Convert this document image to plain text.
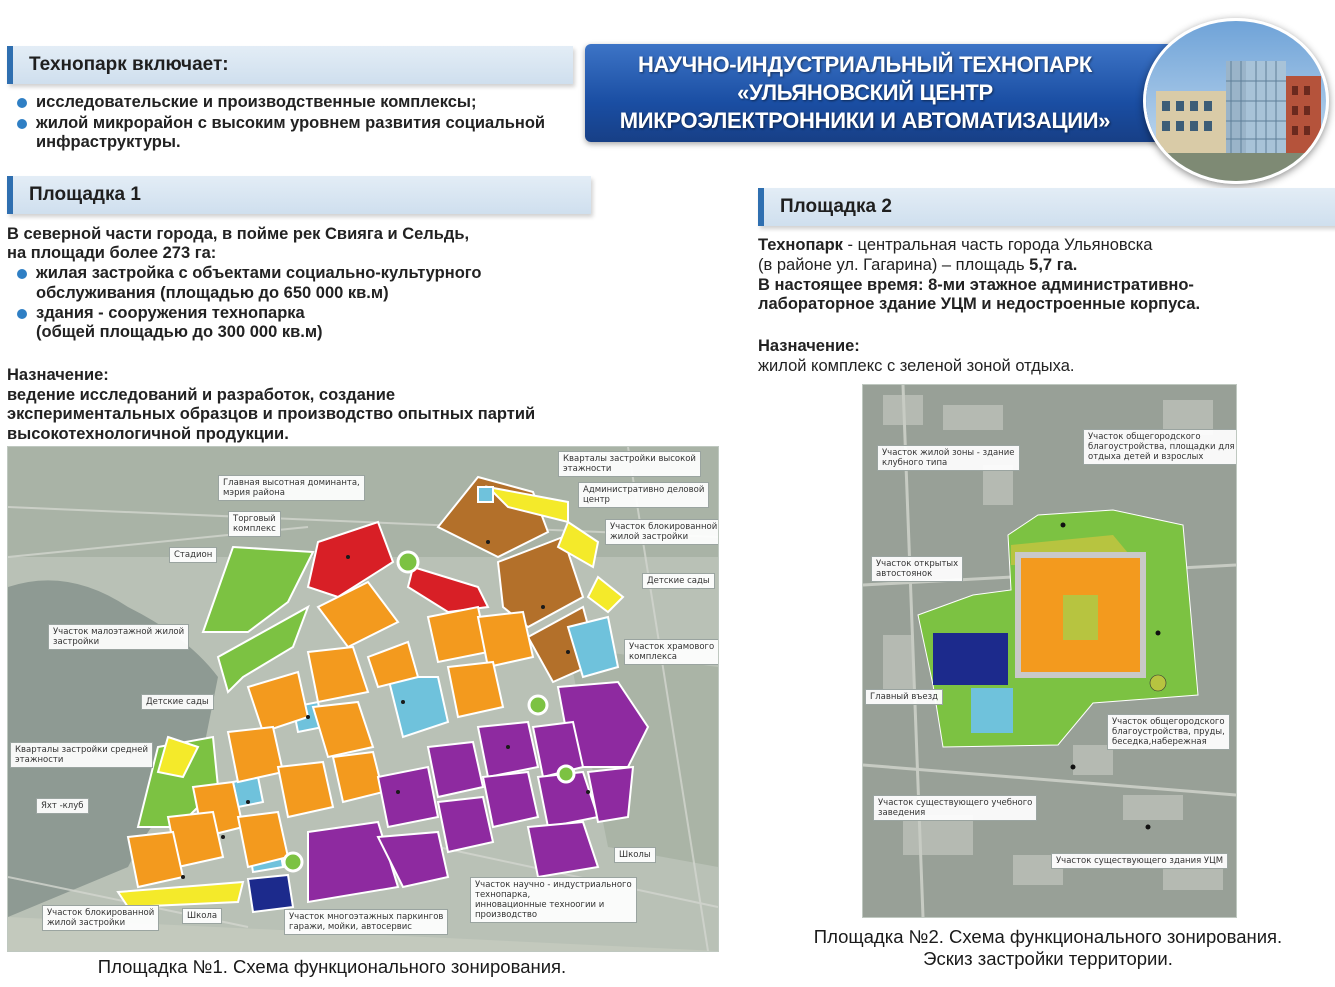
Технопарк включает:
исследовательские и производственные комплексы;
жилой микрорайон с высоким уровнем развития социальной
инфраструктуры.
НАУЧНО-ИНДУСТРИАЛЬНЫЙ ТЕХНОПАРК
«УЛЬЯНОВСКИЙ ЦЕНТР
МИКРОЭЛЕКТРОННИКИ И АВТОМАТИЗАЦИИ»
Площадка 1
В северной части города, в пойме рек Свияга и Сельдь,
на площади более 273 га:
жилая застройка с объектами социально-культурного
обслуживания (площадью до 650 000 кв.м)
здания - сооружения технопарка
(общей площадью до 300 000 кв.м)
Назначение:
ведение исследований и разработок, создание
экспериментальных образцов и производство опытных партий
высокотехнологичной продукции.
Главная высотная доминанта,
мэрия района
Торговый
комплекс
Стадион
Кварталы застройки высокой
этажности
Административно деловой
центр
Участок блокированной
жилой застройки
Детские сады
Участок малоэтажной жилой
застройки	Участок храмового
комплекса
Детские сады
Кварталы застройки средней
этажности
Яхт -клуб
Школы
Участок научно - индустриального
технопарка,
инновационные техноогии и
производство
Участок блокированной
жилой застройки
Школа	Участок многоэтажных паркингов
гаражи, мойки, автосервис
Площадка №1. Схема функционального зонирования.
Площадка 2
Технопарк - центральная часть города Ульяновска
(в районе ул. Гагарина) – площадь 5,7 га.
В настоящее время: 8-ми этажное административно-
лабораторное здание УЦМ и недостроенные корпуса.
Назначение:
жилой комплекс с зеленой зоной отдыха.
Участок жилой зоны - здание
клубного типа
Участок общегородского
благоустройства, площадки для
отдыха детей и взрослых
Участок открытых
автостоянок
Главный въезд
Участок общегородского
благоустройства, пруды,
беседка,набережная
Участок существующего учебного
заведения
Участок существующего здания УЦМ
Площадка №2. Схема функционального зонирования.
Эскиз застройки территории.
